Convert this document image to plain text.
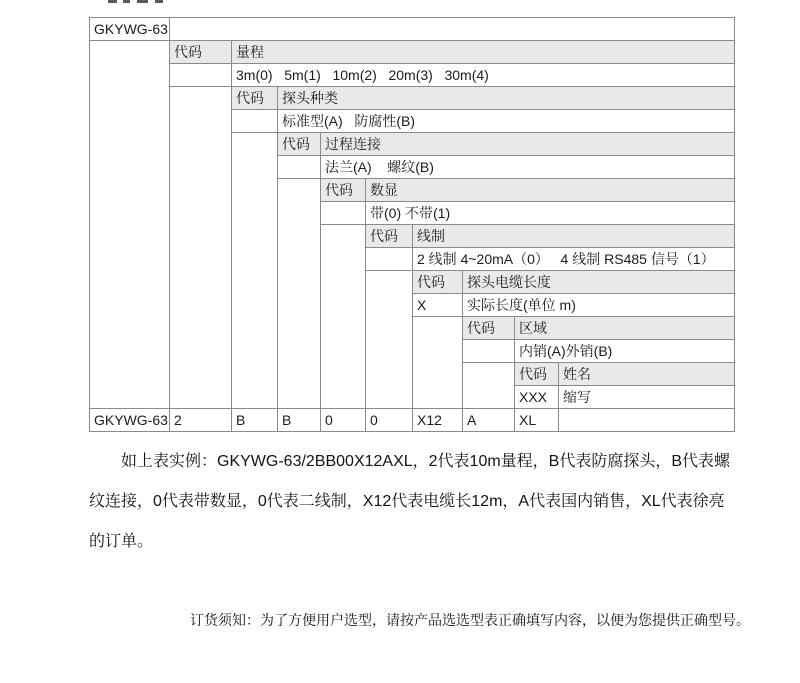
GKYWG-63									
	代码	量程							
		3m(0)   5m(1)   10m(2)   20m(3)   30m(4)							
		代码	探头种类						
			标准型(A)   防腐性(B)						
			代码	过程连接					
				法兰(A)    螺纹(B)					
				代码	数显				
					带(0) 不带(1)				
					代码	线制			
						2 线制 4~20mA（0）   4 线制 RS485 信号（1）			
						代码	探头电缆长度		
						X	实际长度(单位 m)		
							代码	区域	
								内销(A)外销(B)	
								代码	姓名
								XXX	缩写
GKYWG-63	2	B	B	0	0	X12	A	XL	
如上表实例：GKYWG-63/2BB00X12AXL，2代表10m量程，B代表防腐探头，B代表螺
纹连接，0代表带数显，0代表二线制，X12代表电缆长12m，A代表国内销售，XL代表徐亮
的订单。
订货须知：为了方便用户选型，请按产品选选型表正确填写内容，以便为您提供正确型号。
